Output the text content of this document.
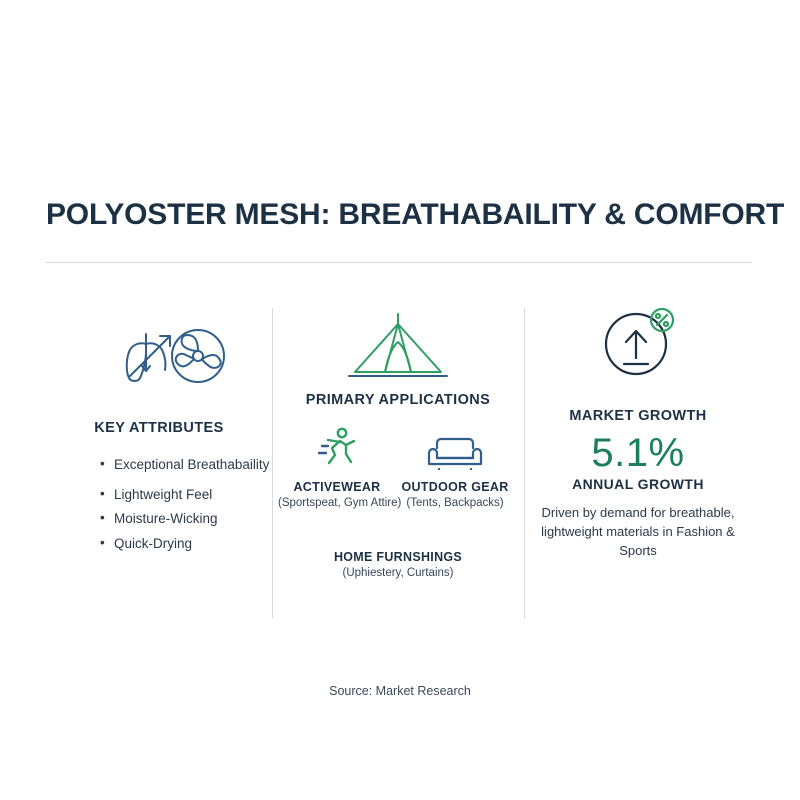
POLYOSTER MESH: BREATHABAILITY & COMFORT
KEY ATTRIBUTES
• Exceptional Breathabaility
• Lightweight Feel
• Moisture-Wicking
• Quick-Drying
PRIMARY APPLICATIONS
ACTIVEWEAR
(Sportspeat, Gym Attire)
OUTDOOR GEAR
(Tents, Backpacks)
HOME FURNSHINGS
(Uphiestery, Curtains)
MARKET GROWTH
5.1%
ANNUAL GROWTH
Driven by demand for breathable, lightweight materials in Fashion & Sports
Source: Market Research
